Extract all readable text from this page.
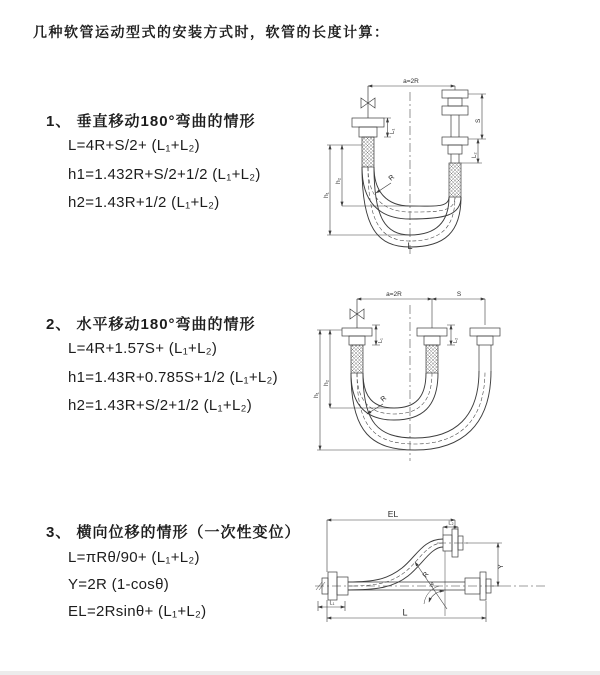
几种软管运动型式的安装方式时，软管的长度计算：
1、 垂直移动180°弯曲的情形
L=4R+S/2+ (L₁+L₂)
h1=1.432R+S/2+1/2 (L₁+L₂)
h2=1.43R+1/2 (L₁+L₂)
2、 水平移动180°弯曲的情形
L=4R+1.57S+ (L₁+L₂)
h1=1.43R+0.785S+1/2 (L₁+L₂)
h2=1.43R+S/2+1/2 (L₁+L₂)
3、 横向位移的情形（一次性变位）
L=πRθ/90+ (L₁+L₂)
Y=2R (1-cosθ)
EL=2Rsinθ+ (L₁+L₂)
a=2R
h₁
h₂
L₁
S
L₂
R
L
a=2R	S
h₁
h₂
L₁	L₂
R
EL
L₂
Y
L
L₁
R
θ
